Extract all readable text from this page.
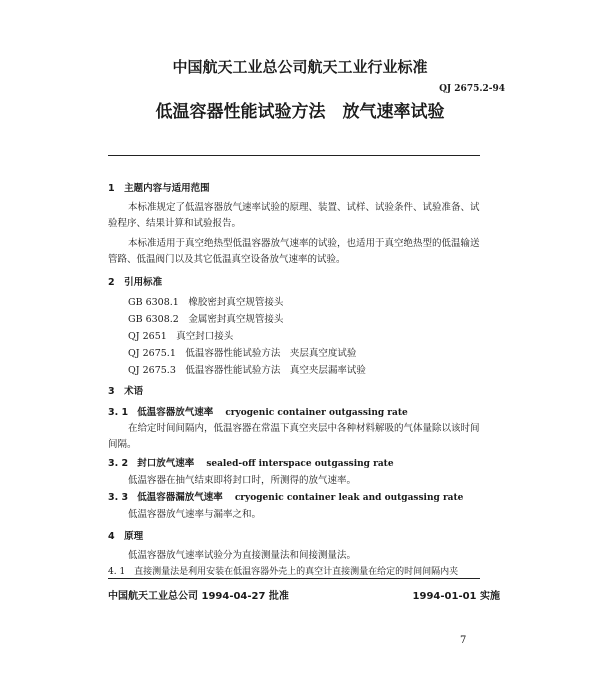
中国航天工业总公司航天工业行业标准
QJ 2675.2-94
低温容器性能试验方法　放气速率试验
1　主题内容与适用范围
本标准规定了低温容器放气速率试验的原理、装置、试样、试验条件、试验准备、试验程序、结果计算和试验报告。
本标准适用于真空绝热型低温容器放气速率的试验，也适用于真空绝热型的低温输送管路、低温阀门以及其它低温真空设备放气速率的试验。
2　引用标准
GB 6308.1　橡胶密封真空规管接头
GB 6308.2　金属密封真空规管接头
QJ 2651　真空封口接头
QJ 2675.1　低温容器性能试验方法　夹层真空度试验
QJ 2675.3　低温容器性能试验方法　真空夹层漏率试验
3　术语
3. 1 低温容器放气速率 cryogenic container outgassing rate
在给定时间间隔内，低温容器在常温下真空夹层中各种材料解吸的气体量除以该时间间隔。
3. 2 封口放气速率 sealed-off interspace outgassing rate
低温容器在抽气结束即将封口时，所测得的放气速率。
3. 3 低温容器漏放气速率 cryogenic container leak and outgassing rate
低温容器放气速率与漏率之和。
4　原理
低温容器放气速率试验分为直接测量法和间接测量法。
4. 1　直接测量法是利用安装在低温容器外壳上的真空计直接测量在给定的时间间隔内夹
中国航天工业总公司 1994-04-27 批准	1994-01-01 实施
7
